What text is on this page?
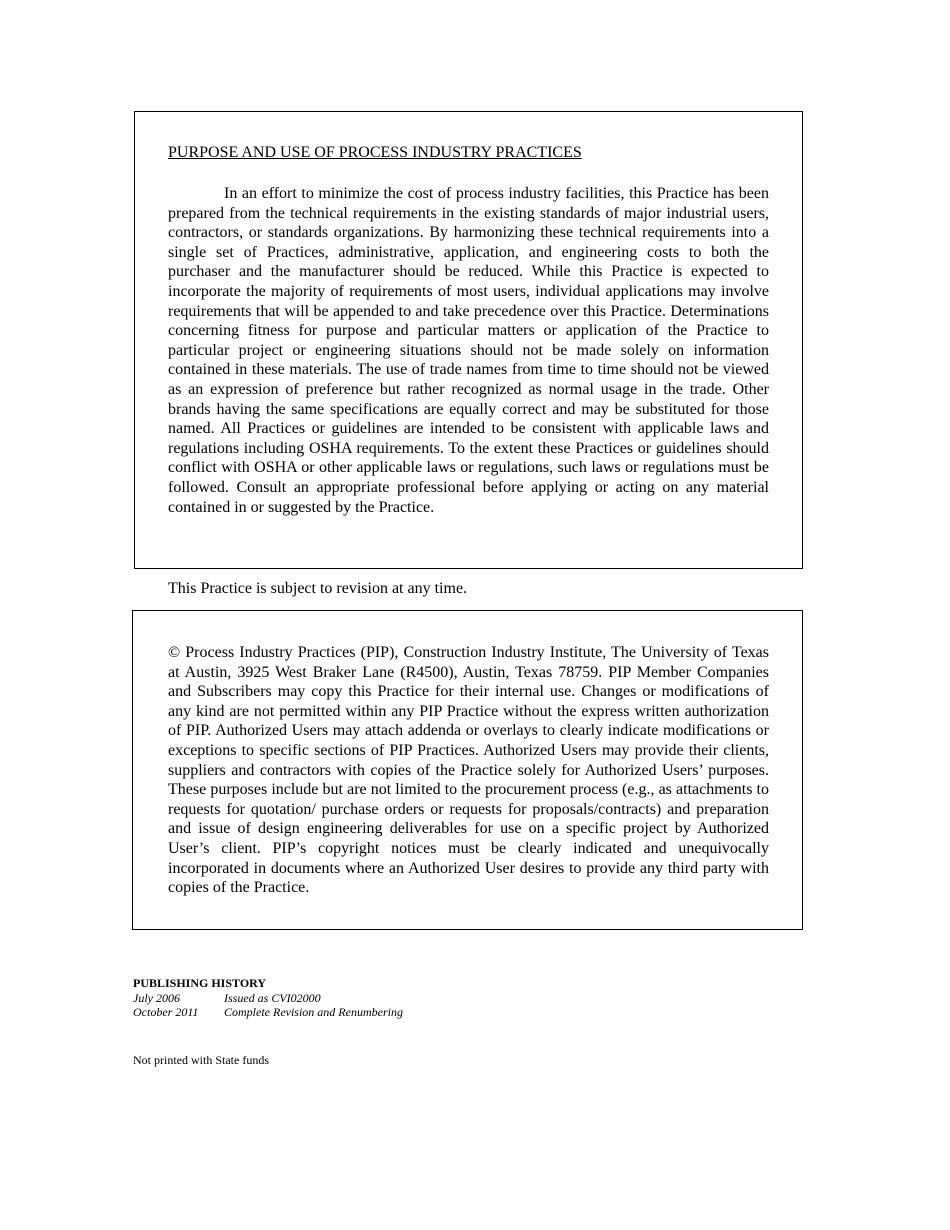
PURPOSE AND USE OF PROCESS INDUSTRY PRACTICES

In an effort to minimize the cost of process industry facilities, this Practice has been prepared from the technical requirements in the existing standards of major industrial users, contractors, or standards organizations. By harmonizing these technical requirements into a single set of Practices, administrative, application, and engineering costs to both the purchaser and the manufacturer should be reduced. While this Practice is expected to incorporate the majority of requirements of most users, individual applications may involve requirements that will be appended to and take precedence over this Practice. Determinations concerning fitness for purpose and particular matters or application of the Practice to particular project or engineering situations should not be made solely on information contained in these materials. The use of trade names from time to time should not be viewed as an expression of preference but rather recognized as normal usage in the trade. Other brands having the same specifications are equally correct and may be substituted for those named. All Practices or guidelines are intended to be consistent with applicable laws and regulations including OSHA requirements. To the extent these Practices or guidelines should conflict with OSHA or other applicable laws or regulations, such laws or regulations must be followed. Consult an appropriate professional before applying or acting on any material contained in or suggested by the Practice.

This Practice is subject to revision at any time.

© Process Industry Practices (PIP), Construction Industry Institute, The University of Texas at Austin, 3925 West Braker Lane (R4500), Austin, Texas 78759. PIP Member Companies and Subscribers may copy this Practice for their internal use. Changes or modifications of any kind are not permitted within any PIP Practice without the express written authorization of PIP. Authorized Users may attach addenda or overlays to clearly indicate modifications or exceptions to specific sections of PIP Practices. Authorized Users may provide their clients, suppliers and contractors with copies of the Practice solely for Authorized Users’ purposes. These purposes include but are not limited to the procurement process (e.g., as attachments to requests for quotation/ purchase orders or requests for proposals/contracts) and preparation and issue of design engineering deliverables for use on a specific project by Authorized User’s client. PIP’s copyright notices must be clearly indicated and unequivocally incorporated in documents where an Authorized User desires to provide any third party with copies of the Practice.

PUBLISHING HISTORY
July 2006	Issued as CVI02000
October 2011	Complete Revision and Renumbering

Not printed with State funds
